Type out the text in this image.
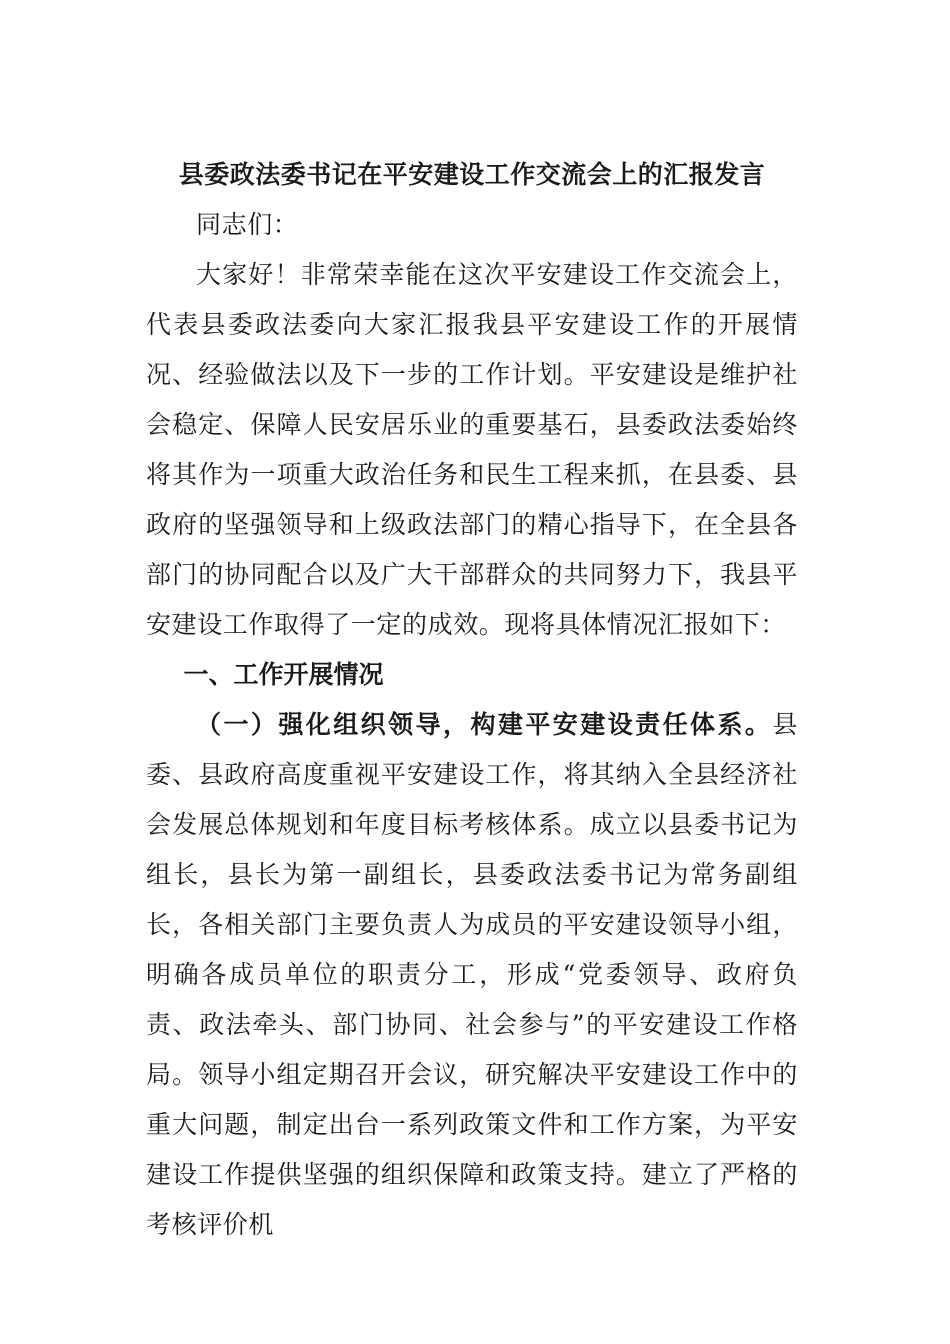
县委政法委书记在平安建设工作交流会上的汇报发言

同志们：

大家好！非常荣幸能在这次平安建设工作交流会上，代表县委政法委向大家汇报我县平安建设工作的开展情况、经验做法以及下一步的工作计划。平安建设是维护社会稳定、保障人民安居乐业的重要基石，县委政法委始终将其作为一项重大政治任务和民生工程来抓，在县委、县政府的坚强领导和上级政法部门的精心指导下，在全县各部门的协同配合以及广大干部群众的共同努力下，我县平安建设工作取得了一定的成效。现将具体情况汇报如下：

一、工作开展情况

（一）强化组织领导，构建平安建设责任体系。县委、县政府高度重视平安建设工作，将其纳入全县经济社会发展总体规划和年度目标考核体系。成立以县委书记为组长，县长为第一副组长，县委政法委书记为常务副组长，各相关部门主要负责人为成员的平安建设领导小组，明确各成员单位的职责分工，形成“党委领导、政府负责、政法牵头、部门协同、社会参与”的平安建设工作格局。领导小组定期召开会议，研究解决平安建设工作中的重大问题，制定出台一系列政策文件和工作方案，为平安建设工作提供坚强的组织保障和政策支持。建立了严格的考核评价机
